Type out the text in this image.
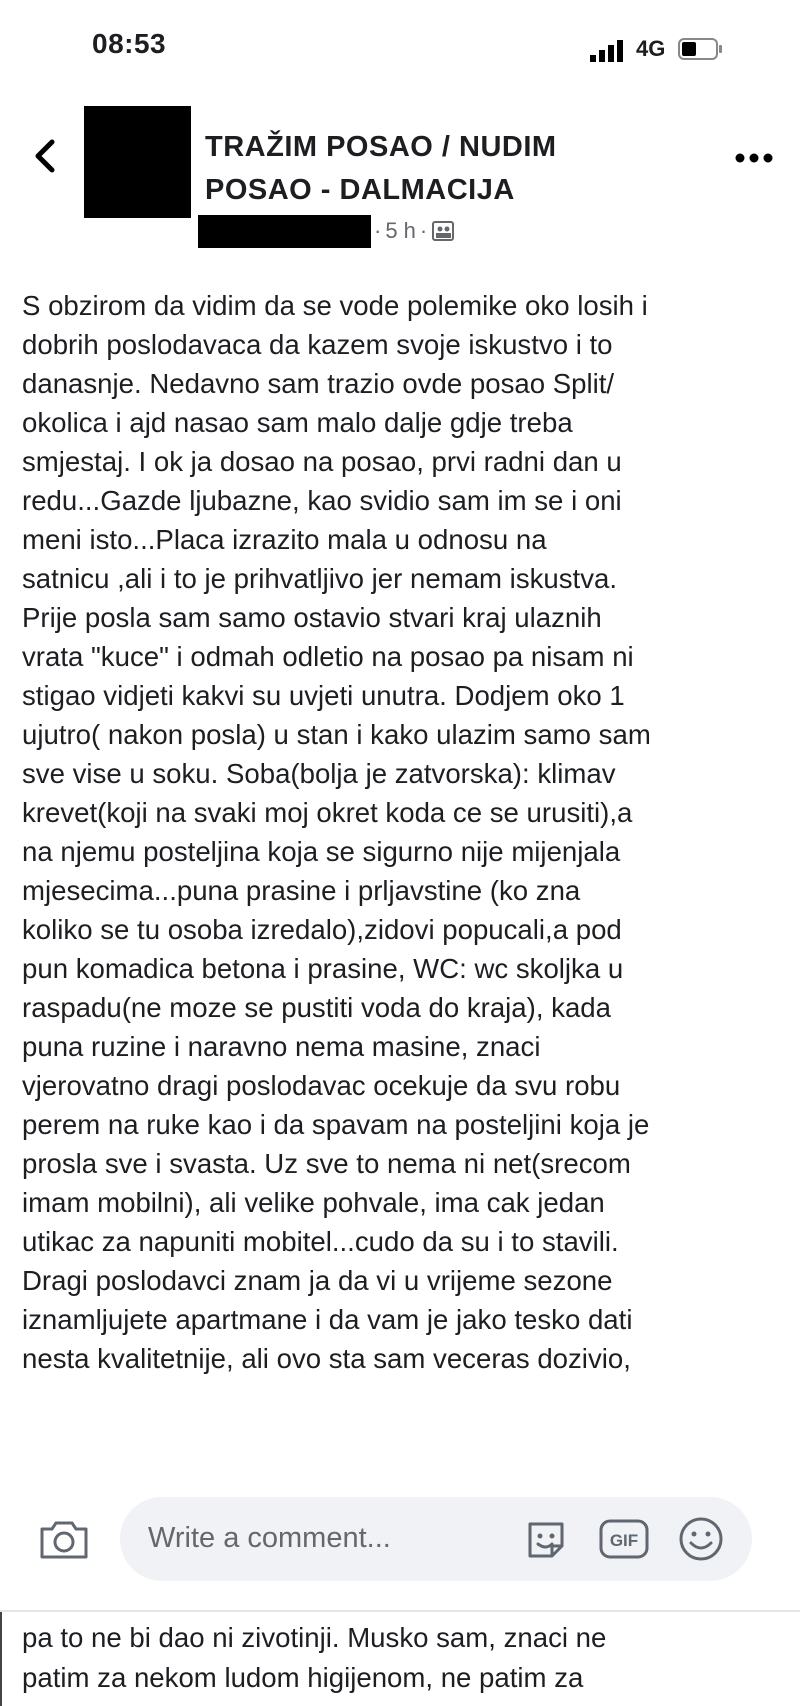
08:53	4G
TRAŽIM POSAO / NUDIM
POSAO - DALMACIJA
· 5 h ·
S obzirom da vidim da se vode polemike oko losih i
dobrih poslodavaca da kazem svoje iskustvo i to
danasnje. Nedavno sam trazio ovde posao Split/
okolica i ajd nasao sam malo dalje gdje treba
smjestaj. I ok ja dosao na posao, prvi radni dan u
redu...Gazde ljubazne, kao svidio sam im se i oni
meni isto...Placa izrazito mala u odnosu na
satnicu ,ali i to je prihvatljivo jer nemam iskustva.
Prije posla sam samo ostavio stvari kraj ulaznih
vrata "kuce" i odmah odletio na posao pa nisam ni
stigao vidjeti kakvi su uvjeti unutra. Dodjem oko 1
ujutro( nakon posla) u stan i kako ulazim samo sam
sve vise u soku. Soba(bolja je zatvorska): klimav
krevet(koji na svaki moj okret koda ce se urusiti),a
na njemu posteljina koja se sigurno nije mijenjala
mjesecima...puna prasine i prljavstine (ko zna
koliko se tu osoba izredalo),zidovi popucali,a pod
pun komadica betona i prasine, WC: wc skoljka u
raspadu(ne moze se pustiti voda do kraja), kada
puna ruzine i naravno nema masine, znaci
vjerovatno dragi poslodavac ocekuje da svu robu
perem na ruke kao i da spavam na posteljini koja je
prosla sve i svasta. Uz sve to nema ni net(srecom
imam mobilni), ali velike pohvale, ima cak jedan
utikac za napuniti mobitel...cudo da su i to stavili.
Dragi poslodavci znam ja da vi u vrijeme sezone
iznamljujete apartmane i da vam je jako tesko dati
nesta kvalitetnije, ali ovo sta sam veceras dozivio,
Write a comment...	GIF
pa to ne bi dao ni zivotinji. Musko sam, znaci ne
patim za nekom ludom higijenom, ne patim za
